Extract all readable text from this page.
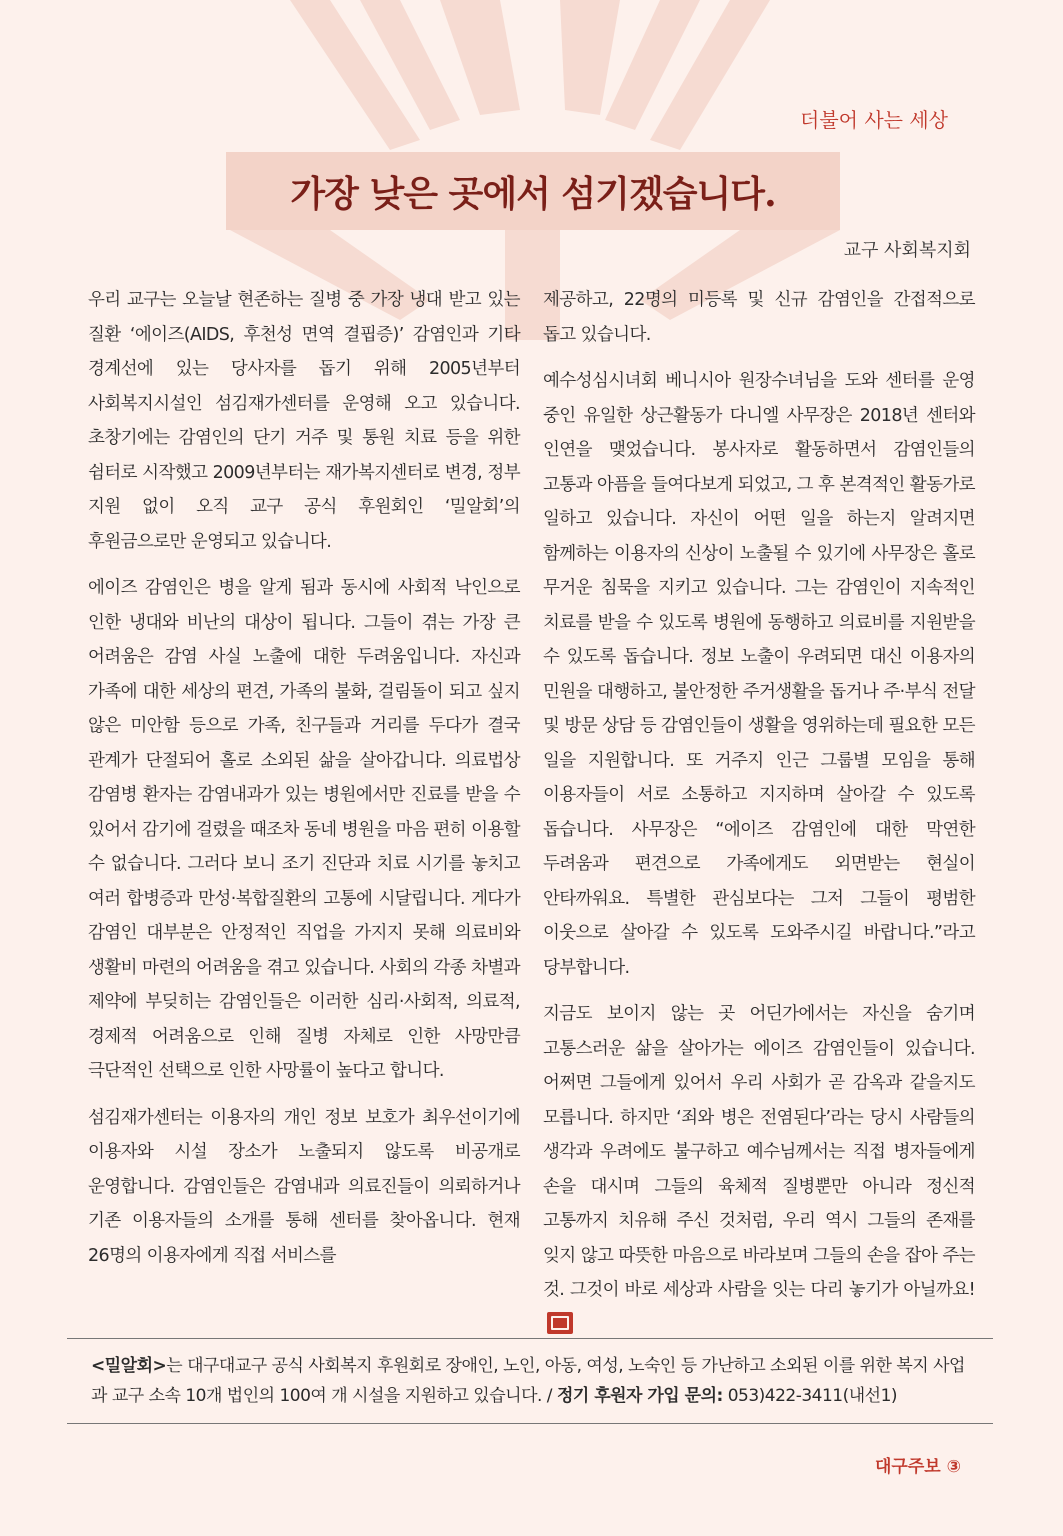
더불어 사는 세상
가장 낮은 곳에서 섬기겠습니다.
교구 사회복지회

우리 교구는 오늘날 현존하는 질병 중 가장 냉대 받고 있는 질환 ‘에이즈(AIDS, 후천성 면역 결핍증)’ 감염인과 기타 경계선에 있는 당사자를 돕기 위해 2005년부터 사회복지시설인 섬김재가센터를 운영해 오고 있습니다. 초창기에는 감염인의 단기 거주 및 통원 치료 등을 위한 쉼터로 시작했고 2009년부터는 재가복지센터로 변경, 정부 지원 없이 오직 교구 공식 후원회인 ‘밀알회’의 후원금으로만 운영되고 있습니다.

에이즈 감염인은 병을 알게 됨과 동시에 사회적 낙인으로 인한 냉대와 비난의 대상이 됩니다. 그들이 겪는 가장 큰 어려움은 감염 사실 노출에 대한 두려움입니다. 자신과 가족에 대한 세상의 편견, 가족의 불화, 걸림돌이 되고 싶지 않은 미안함 등으로 가족, 친구들과 거리를 두다가 결국 관계가 단절되어 홀로 소외된 삶을 살아갑니다. 의료법상 감염병 환자는 감염내과가 있는 병원에서만 진료를 받을 수 있어서 감기에 걸렸을 때조차 동네 병원을 마음 편히 이용할 수 없습니다. 그러다 보니 조기 진단과 치료 시기를 놓치고 여러 합병증과 만성·복합질환의 고통에 시달립니다. 게다가 감염인 대부분은 안정적인 직업을 가지지 못해 의료비와 생활비 마련의 어려움을 겪고 있습니다. 사회의 각종 차별과 제약에 부딪히는 감염인들은 이러한 심리·사회적, 의료적, 경제적 어려움으로 인해 질병 자체로 인한 사망만큼 극단적인 선택으로 인한 사망률이 높다고 합니다.

섬김재가센터는 이용자의 개인 정보 보호가 최우선이기에 이용자와 시설 장소가 노출되지 않도록 비공개로 운영합니다. 감염인들은 감염내과 의료진들이 의뢰하거나 기존 이용자들의 소개를 통해 센터를 찾아옵니다. 현재 26명의 이용자에게 직접 서비스를

제공하고, 22명의 미등록 및 신규 감염인을 간접적으로 돕고 있습니다.

예수성심시녀회 베니시아 원장수녀님을 도와 센터를 운영 중인 유일한 상근활동가 다니엘 사무장은 2018년 센터와 인연을 맺었습니다. 봉사자로 활동하면서 감염인들의 고통과 아픔을 들여다보게 되었고, 그 후 본격적인 활동가로 일하고 있습니다. 자신이 어떤 일을 하는지 알려지면 함께하는 이용자의 신상이 노출될 수 있기에 사무장은 홀로 무거운 침묵을 지키고 있습니다. 그는 감염인이 지속적인 치료를 받을 수 있도록 병원에 동행하고 의료비를 지원받을 수 있도록 돕습니다. 정보 노출이 우려되면 대신 이용자의 민원을 대행하고, 불안정한 주거생활을 돕거나 주·부식 전달 및 방문 상담 등 감염인들이 생활을 영위하는데 필요한 모든 일을 지원합니다. 또 거주지 인근 그룹별 모임을 통해 이용자들이 서로 소통하고 지지하며 살아갈 수 있도록 돕습니다. 사무장은 “에이즈 감염인에 대한 막연한 두려움과 편견으로 가족에게도 외면받는 현실이 안타까워요. 특별한 관심보다는 그저 그들이 평범한 이웃으로 살아갈 수 있도록 도와주시길 바랍니다.”라고 당부합니다.

지금도 보이지 않는 곳 어딘가에서는 자신을 숨기며 고통스러운 삶을 살아가는 에이즈 감염인들이 있습니다. 어쩌면 그들에게 있어서 우리 사회가 곧 감옥과 같을지도 모릅니다. 하지만 ‘죄와 병은 전염된다’라는 당시 사람들의 생각과 우려에도 불구하고 예수님께서는 직접 병자들에게 손을 대시며 그들의 육체적 질병뿐만 아니라 정신적 고통까지 치유해 주신 것처럼, 우리 역시 그들의 존재를 잊지 않고 따뜻한 마음으로 바라보며 그들의 손을 잡아 주는 것. 그것이 바로 세상과 사람을 잇는 다리 놓기가 아닐까요!

<밀알회>는 대구대교구 공식 사회복지 후원회로 장애인, 노인, 아동, 여성, 노숙인 등 가난하고 소외된 이를 위한 복지 사업과 교구 소속 10개 법인의 100여 개 시설을 지원하고 있습니다. / 정기 후원자 가입 문의: 053)422-3411(내선1)
대구주보 ③
